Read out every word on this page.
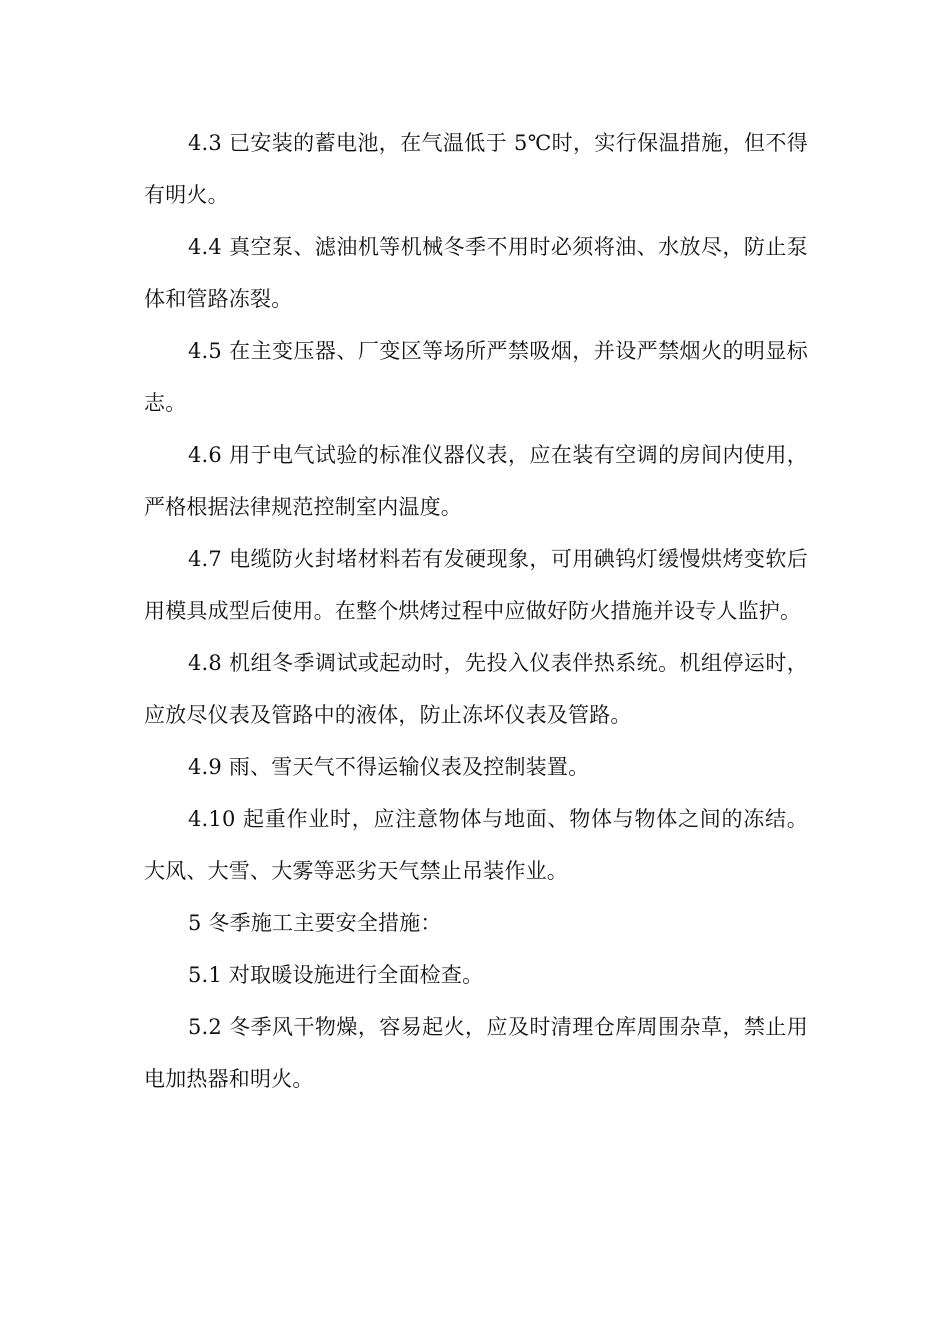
4.3 已安装的蓄电池，在气温低于 5℃时，实行保温措施，但不得有明火。

4.4 真空泵、滤油机等机械冬季不用时必须将油、水放尽，防止泵体和管路冻裂。

4.5 在主变压器、厂变区等场所严禁吸烟，并设严禁烟火的明显标志。

4.6 用于电气试验的标准仪器仪表，应在装有空调的房间内使用，严格根据法律规范控制室内温度。

4.7 电缆防火封堵材料若有发硬现象，可用碘钨灯缓慢烘烤变软后用模具成型后使用。在整个烘烤过程中应做好防火措施并设专人监护。

4.8 机组冬季调试或起动时，先投入仪表伴热系统。机组停运时，应放尽仪表及管路中的液体，防止冻坏仪表及管路。

4.9 雨、雪天气不得运输仪表及控制装置。

4.10 起重作业时，应注意物体与地面、物体与物体之间的冻结。大风、大雪、大雾等恶劣天气禁止吊装作业。

5 冬季施工主要安全措施：

5.1 对取暖设施进行全面检查。

5.2 冬季风干物燥，容易起火，应及时清理仓库周围杂草，禁止用电加热器和明火。
